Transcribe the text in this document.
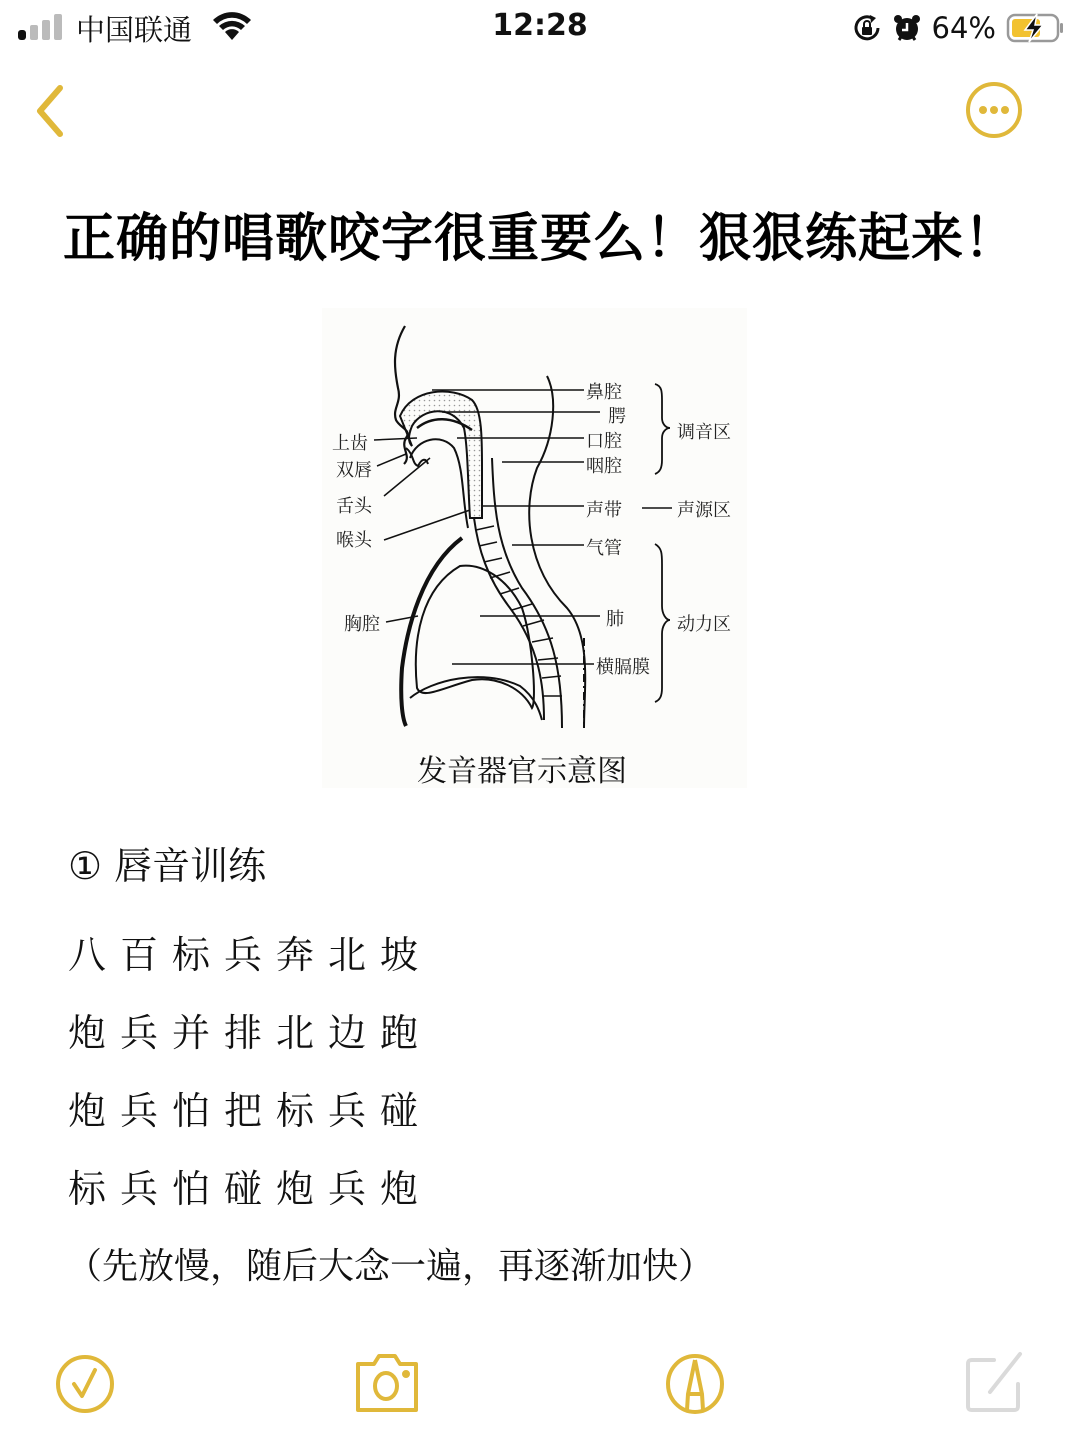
中国联通	12:28	64%
正确的唱歌咬字很重要么！狠狠练起来！
鼻腔
腭
口腔
咽腔
声带
气管
肺
横膈膜
调音区
声源区
动力区
上齿
双唇
舌头
喉头
胸腔
发音器官示意图
① 唇音训练
八百标兵奔北坡
炮兵并排北边跑
炮兵怕把标兵碰
标兵怕碰炮兵炮
（先放慢，随后大念一遍，再逐渐加快）
